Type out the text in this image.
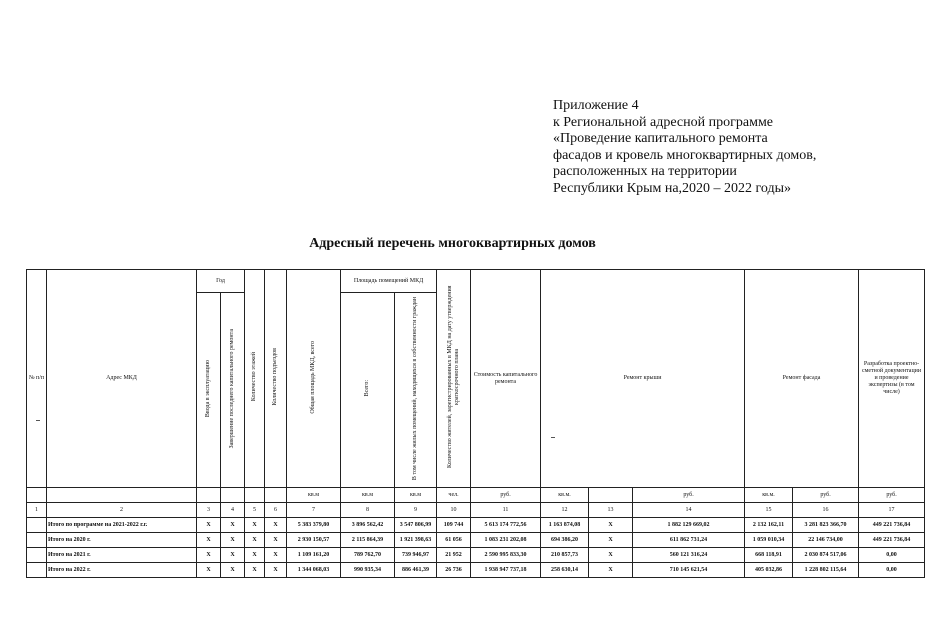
Приложение 4
к Региональной адресной программе
«Проведение капитального ремонта
фасадов и кровель многоквартирных домов,
расположенных на территории
Республики Крым на,2020 – 2022 годы»
Адресный перечень многоквартирных домов
№ п/п	Адрес МКД	Год		Количество этажей	Количество подъездов	Общая площадь МКД, всего	Площадь помещений МКД		Количество жителей, зарегистрированных в МКД на дату утверждения краткосрочного плана	Стоимость капитального ремонта	Ремонт крыши			Ремонт фасада		Разработка проектно-сметной документации и проведение экспертизы (в том числе)
		Ввода в эксплуатацию	Завершение последнего капитального ремонта				Всего:	В том числе жилых помещений, находящихся в собственности граждан								

						кв.м	кв.м	кв.м	чел.	руб.	кв.м.		руб.	кв.м.	руб.	руб.
1	2	3	4	5	6	7	8	9	10	11	12	13	14	15	16	17
	Итого по программе на 2021-2022 г.г.	Х	Х	Х	Х	5 383 379,80	3 896 562,42	3 547 806,99	109 744	5 613 174 772,56	1 163 874,08	Х	1 882 129 669,02	2 132 162,11	3 281 823 366,70	449 221 736,84
	Итого на 2020 г.	Х	Х	Х	Х	2 930 150,57	2 115 864,39	1 921 398,63	61 056	1 083 231 202,08	694 386,20	Х	611 862 731,24	1 059 010,34	22 146 734,00	449 221 736,84
	Итого на 2021 г.	Х	Х	Х	Х	1 109 161,20	789 762,70	739 946,97	21 952	2 590 995 833,30	210 857,73	Х	560 121 316,24	668 118,91	2 030 874 517,06	0,00
	Итого на 2022 г.	Х	Х	Х	Х	1 344 068,03	990 935,34	886 461,39	26 736	1 938 947 737,18	258 630,14	Х	710 145 621,54	405 032,86	1 228 802 115,64	0,00
